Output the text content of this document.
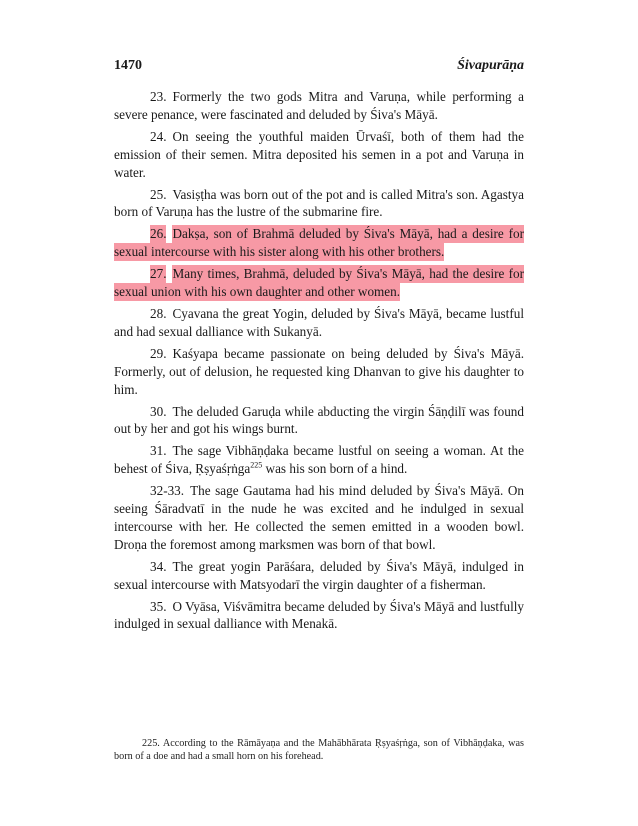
1470	Śivapurāṇa

23. Formerly the two gods Mitra and Varuṇa, while performing a severe penance, were fascinated and deluded by Śiva's Māyā.

24. On seeing the youthful maiden Ūrvaśī, both of them had the emission of their semen. Mitra deposited his semen in a pot and Varuṇa in water.

25. Vasiṣṭha was born out of the pot and is called Mitra's son. Agastya born of Varuṇa has the lustre of the submarine fire.

26. Dakṣa, son of Brahmā deluded by Śiva's Māyā, had a desire for sexual intercourse with his sister along with his other brothers.

27. Many times, Brahmā, deluded by Śiva's Māyā, had the desire for sexual union with his own daughter and other women.

28. Cyavana the great Yogin, deluded by Śiva's Māyā, became lustful and had sexual dalliance with Sukanyā.

29. Kaśyapa became passionate on being deluded by Śiva's Māyā. Formerly, out of delusion, he requested king Dhanvan to give his daughter to him.

30. The deluded Garuḍa while abducting the virgin Śāṇḍilī was found out by her and got his wings burnt.

31. The sage Vibhāṇḍaka became lustful on seeing a woman. At the behest of Śiva, Ṛṣyaśṛṅga$^{225}$ was his son born of a hind.

32-33. The sage Gautama had his mind deluded by Śiva's Māyā. On seeing Śāradvatī in the nude he was excited and he indulged in sexual intercourse with her. He collected the semen emitted in a wooden bowl. Droṇa the foremost among marksmen was born of that bowl.

34. The great yogin Parāśara, deluded by Śiva's Māyā, indulged in sexual intercourse with Matsyodarī the virgin daughter of a fisherman.

35. O Vyāsa, Viśvāmitra became deluded by Śiva's Māyā and lustfully indulged in sexual dalliance with Menakā.

225. According to the Rāmāyaṇa and the Mahābhārata Ṛṣyaśṛṅga, son of Vibhāṇḍaka, was born of a doe and had a small horn on his forehead.
